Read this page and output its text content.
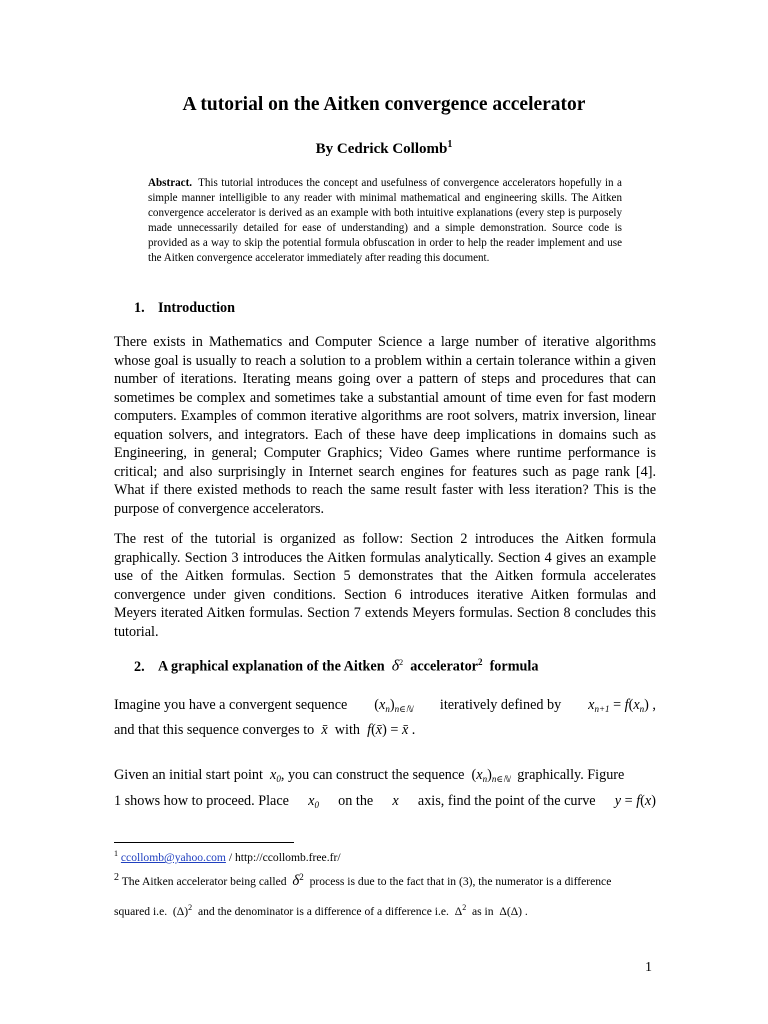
A tutorial on the Aitken convergence accelerator

By Cedrick Collomb$^1$

Abstract. This tutorial introduces the concept and usefulness of convergence accelerators hopefully in a simple manner intelligible to any reader with minimal mathematical and engineering skills. The Aitken convergence accelerator is derived as an example with both intuitive explanations (every step is purposely made unnecessarily detailed for ease of understanding) and a simple demonstration. Source code is provided as a way to skip the potential formula obfuscation in order to help the reader implement and use the Aitken convergence accelerator immediately after reading this document.

1. Introduction

There exists in Mathematics and Computer Science a large number of iterative algorithms whose goal is usually to reach a solution to a problem within a certain tolerance within a given number of iterations. Iterating means going over a pattern of steps and procedures that can sometimes be complex and sometimes take a substantial amount of time even for fast modern computers. Examples of common iterative algorithms are root solvers, matrix inversion, linear equation solvers, and integrators. Each of these have deep implications in domains such as Engineering, in general; Computer Graphics; Video Games where runtime performance is critical; and also surprisingly in Internet search engines for features such as page rank [4]. What if there existed methods to reach the same result faster with less iteration? This is the purpose of convergence accelerators.

The rest of the tutorial is organized as follow: Section 2 introduces the Aitken formula graphically. Section 3 introduces the Aitken formulas analytically. Section 4 gives an example use of the Aitken formulas. Section 5 demonstrates that the Aitken formula accelerates convergence under given conditions. Section 6 introduces iterative Aitken formulas and Meyers iterated Aitken formulas. Section 7 extends Meyers formulas. Section 8 concludes this tutorial.

2. A graphical explanation of the Aitken $\delta^2$ accelerator$^2$ formula

Imagine you have a convergent sequence $(x_n)_{n\in ℕ}$ iteratively defined by $x_{n+1} = f(x_n)$ ,

and that this sequence converges to x̄ with f(x̄) = x̄ .

Given an initial start point $x_0$, you can construct the sequence $(x_n)_{n\in ℕ}$ graphically. Figure

1 shows how to proceed. Place $x_0$ on the x axis, find the point of the curve y = f(x)

$^1$ ccollomb@yahoo.com / http://ccollomb.free.fr/

$^2$ The Aitken accelerator being called $\delta^2$ process is due to the fact that in (3), the numerator is a difference

squared i.e. $(\Delta)^2$ and the denominator is a difference of a difference i.e. $\Delta^2$ as in Δ(Δ) .

1
